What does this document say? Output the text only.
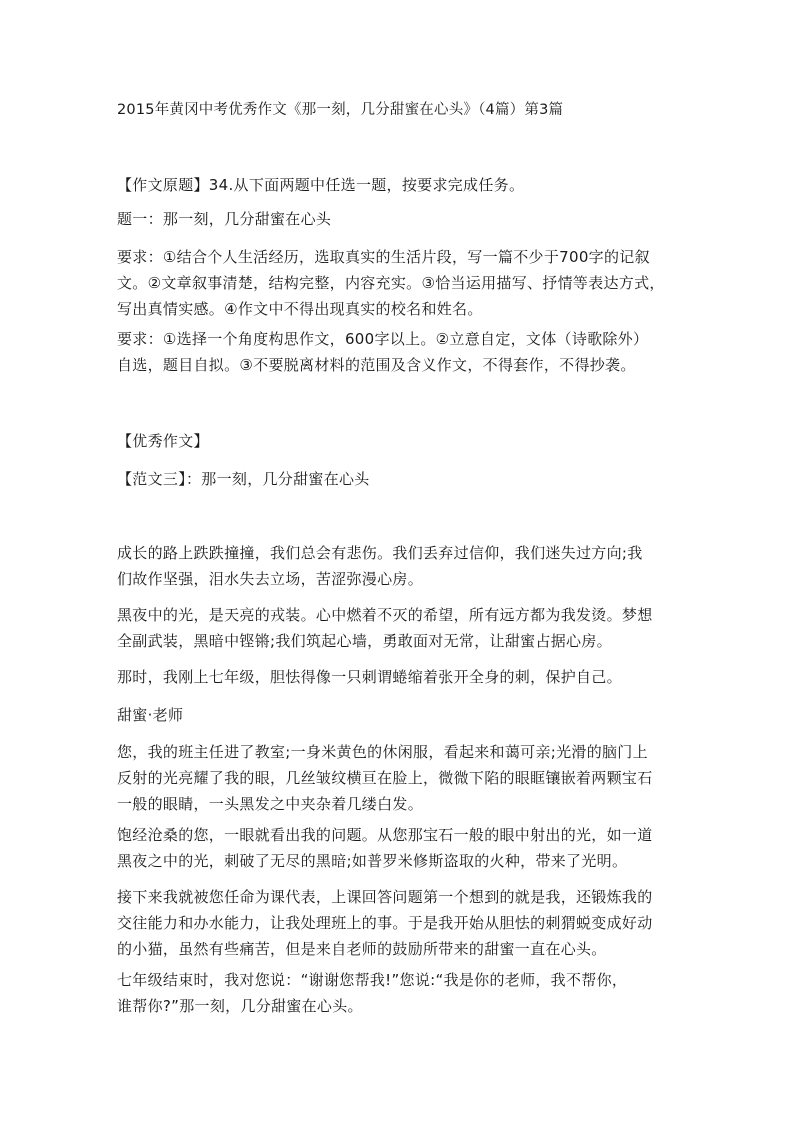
2015年黄冈中考优秀作文《那一刻，几分甜蜜在心头》（4篇）第3篇

【作文原题】34.从下面两题中任选一题，按要求完成任务。

题一：那一刻，几分甜蜜在心头

要求：①结合个人生活经历，选取真实的生活片段，写一篇不少于700字的记叙

文。②文章叙事清楚，结构完整，内容充实。③恰当运用描写、抒情等表达方式，

写出真情实感。④作文中不得出现真实的校名和姓名。

要求：①选择一个角度构思作文，600字以上。②立意自定，文体（诗歌除外）

自选，题目自拟。③不要脱离材料的范围及含义作文，不得套作，不得抄袭。

【优秀作文】

【范文三】：那一刻，几分甜蜜在心头

成长的路上跌跌撞撞，我们总会有悲伤。我们丢弃过信仰，我们迷失过方向;我

们故作坚强，泪水失去立场，苦涩弥漫心房。

黑夜中的光，是天亮的戎装。心中燃着不灭的希望，所有远方都为我发烫。梦想

全副武装，黑暗中铿锵;我们筑起心墙，勇敢面对无常，让甜蜜占据心房。

那时，我刚上七年级，胆怯得像一只刺谓蜷缩着张开全身的刺，保护自己。

甜蜜·老师

您，我的班主任进了教室;一身米黄色的休闲服，看起来和蔼可亲;光滑的脑门上

反射的光亮耀了我的眼，几丝皱纹横亘在脸上，微微下陷的眼眶镶嵌着两颗宝石

一般的眼睛，一头黑发之中夹杂着几缕白发。

饱经沧桑的您，一眼就看出我的问题。从您那宝石一般的眼中射出的光，如一道

黑夜之中的光，刺破了无尽的黑暗;如普罗米修斯盗取的火种，带来了光明。

接下来我就被您任命为课代表，上课回答问题第一个想到的就是我，还锻炼我的

交往能力和办水能力，让我处理班上的事。于是我开始从胆怯的刺猬蜕变成好动

的小猫，虽然有些痛苦，但是来自老师的鼓励所带来的甜蜜一直在心头。

七年级结束时，我对您说：“谢谢您帮我!”您说:“我是你的老师，我不帮你，

谁帮你?”那一刻，几分甜蜜在心头。
